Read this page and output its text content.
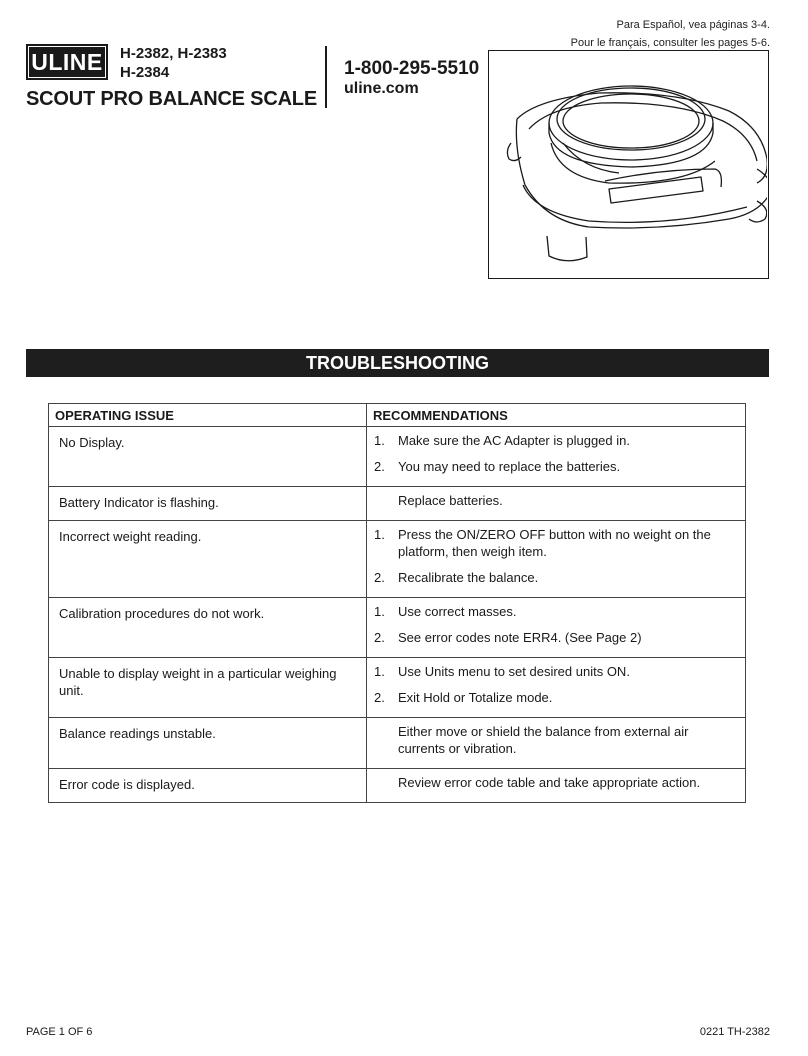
Para Español, vea páginas 3-4.
Pour le français, consulter les pages 5-6.
ULINE	H-2382, H-2383
H-2384
SCOUT PRO BALANCE SCALE
1-800-295-5510
uline.com
TROUBLESHOOTING
OPERATING ISSUE	RECOMMENDATIONS
No Display.	1. Make sure the AC Adapter is plugged in.
2. You may need to replace the batteries.

Battery Indicator is flashing.	Replace batteries.

Incorrect weight reading.	1. Press the ON/ZERO OFF button with no weight on the platform, then weigh item.
2. Recalibrate the balance.

Calibration procedures do not work.	1. Use correct masses.
2. See error codes note ERR4. (See Page 2)

Unable to display weight in a particular weighing unit.	1. Use Units menu to set desired units ON.
2. Exit Hold or Totalize mode.

Balance readings unstable.	Either move or shield the balance from external air currents or vibration.

Error code is displayed.	Review error code table and take appropriate action.
PAGE 1 OF 6	0221 TH-2382
